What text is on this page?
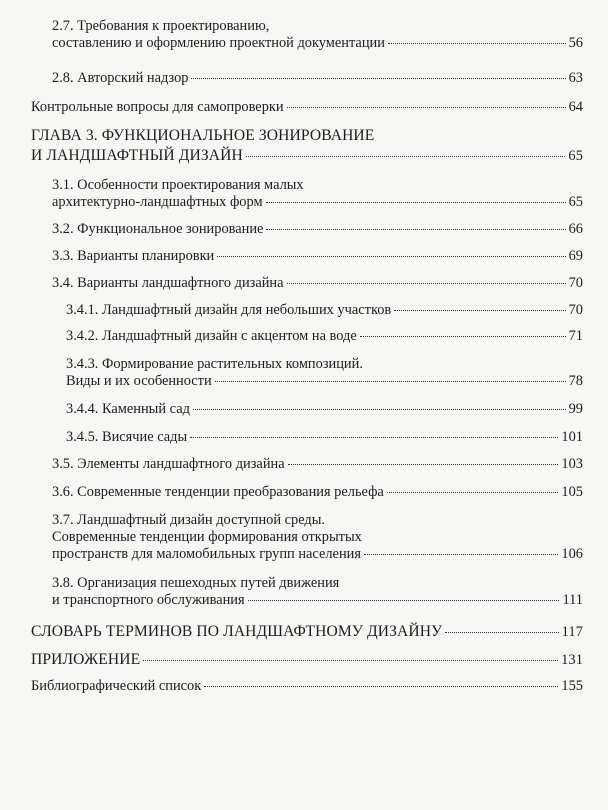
2.7. Требования к проектированию,
составлению и оформлению проектной документации	56
2.8. Авторский надзор	63
Контрольные вопросы для самопроверки	64
ГЛАВА 3. ФУНКЦИОНАЛЬНОЕ ЗОНИРОВАНИЕ
И ЛАНДШАФТНЫЙ ДИЗАЙН	65
3.1. Особенности проектирования малых
архитектурно-ландшафтных форм	65
3.2. Функциональное зонирование	66
3.3. Варианты планировки	69
3.4. Варианты ландшафтного дизайна	70
3.4.1. Ландшафтный дизайн для небольших участков	70
3.4.2. Ландшафтный дизайн с акцентом на воде	71
3.4.3. Формирование растительных композиций.
Виды и их особенности	78
3.4.4. Каменный сад	99
3.4.5. Висячие сады	101
3.5. Элементы ландшафтного дизайна	103
3.6. Современные тенденции преобразования рельефа	105
3.7. Ландшафтный дизайн доступной среды.
Современные тенденции формирования открытых
пространств для маломобильных групп населения	106
3.8. Организация пешеходных путей движения
и транспортного обслуживания	111
СЛОВАРЬ ТЕРМИНОВ ПО ЛАНДШАФТНОМУ ДИЗАЙНУ	117
ПРИЛОЖЕНИЕ	131
Библиографический список	155
